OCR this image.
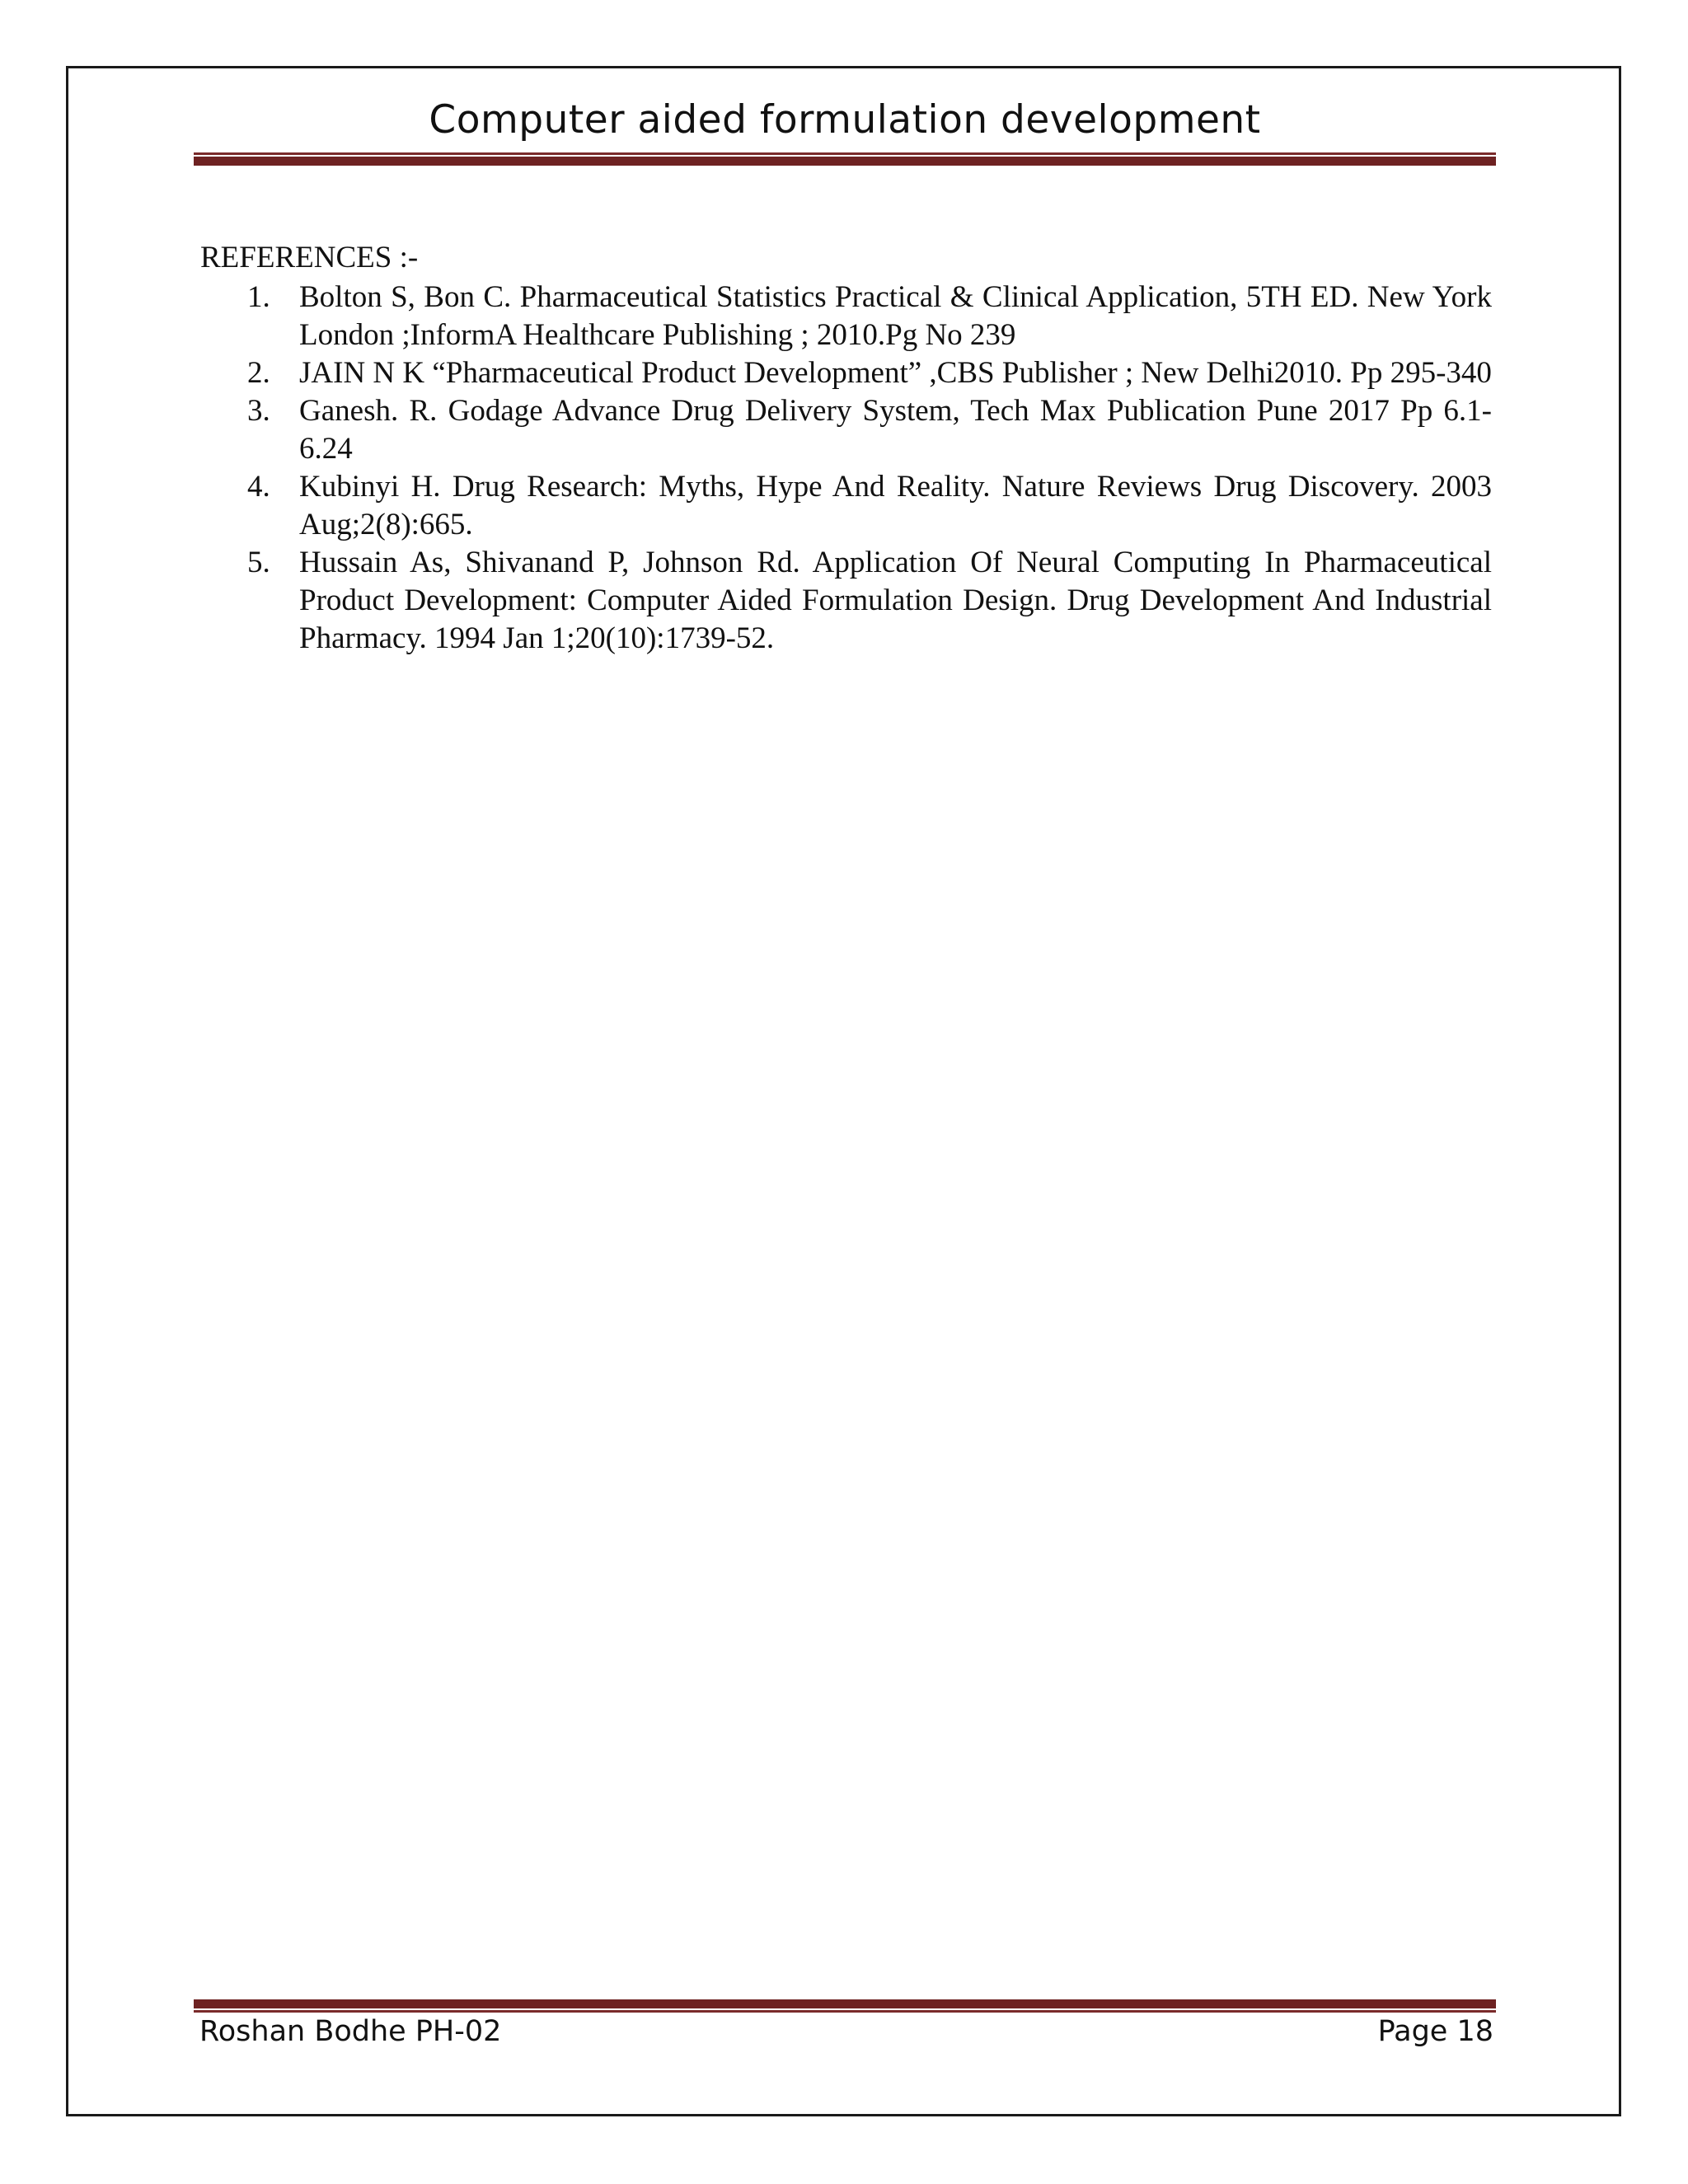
Computer aided formulation development
REFERENCES :-
1. Bolton S, Bon C. Pharmaceutical Statistics Practical & Clinical Application, 5TH ED. New York London ;InformA Healthcare Publishing ; 2010.Pg No 239
2. JAIN N K “Pharmaceutical Product Development” ,CBS Publisher ; New Delhi2010. Pp 295-340
3. Ganesh. R. Godage Advance Drug Delivery System, Tech Max Publication Pune 2017 Pp 6.1-6.24
4. Kubinyi H. Drug Research: Myths, Hype And Reality. Nature Reviews Drug Discovery. 2003 Aug;2(8):665.
5. Hussain As, Shivanand P, Johnson Rd. Application Of Neural Computing In Pharmaceutical Product Development: Computer Aided Formulation Design. Drug Development And Industrial Pharmacy. 1994 Jan 1;20(10):1739-52.
Roshan Bodhe PH-02	Page 18
